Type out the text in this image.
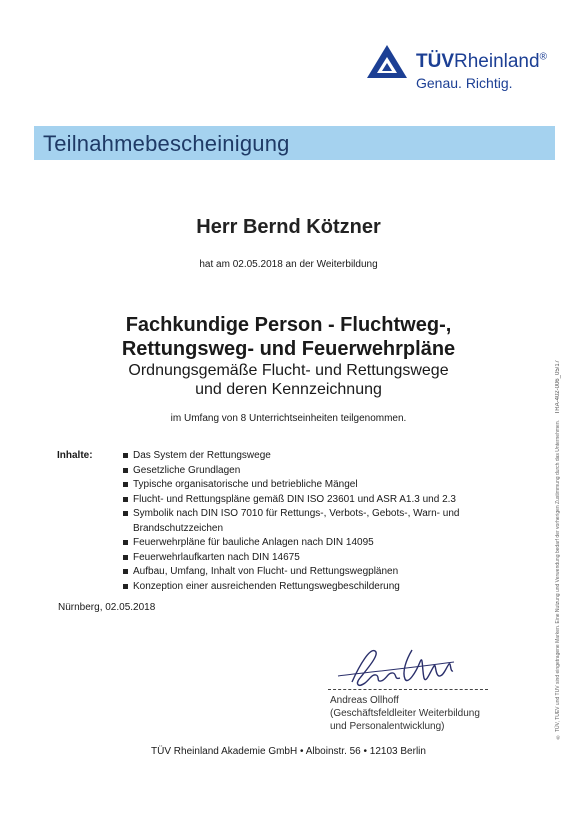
TÜVRheinland®
Genau. Richtig.
Teilnahmebescheinigung
Herr Bernd Kötzner
hat am 02.05.2018 an der Weiterbildung
Fachkundige Person - Fluchtweg-,
Rettungsweg- und Feuerwehrpläne
Ordnungsgemäße Flucht- und Rettungswege
und deren Kennzeichnung
im Umfang von 8 Unterrichtseinheiten teilgenommen.
Inhalte:	Das System der Rettungswege
Gesetzliche Grundlagen
Typische organisatorische und betriebliche Mängel
Flucht- und Rettungspläne gemäß DIN ISO 23601 und ASR A1.3 und 2.3
Symbolik nach DIN ISO 7010 für Rettungs-, Verbots-, Gebots-, Warn- und Brandschutzzeichen
Feuerwehrpläne für bauliche Anlagen nach DIN 14095
Feuerwehrlaufkarten nach DIN 14675
Aufbau, Umfang, Inhalt von Flucht- und Rettungswegplänen
Konzeption einer ausreichenden Rettungswegbeschilderung
Nürnberg, 02.05.2018
Andreas Ollhoff
(Geschäftsfeldleiter Weiterbildung
und Personalentwicklung)
TÜV Rheinland Akademie GmbH • Alboinstr. 56 • 12103 Berlin
TRA-402-006_05/17
® TÜV, TUEV und TUV sind eingetragene Marken. Eine Nutzung und Verwendung bedarf der vorherigen Zustimmung durch das Unternehmen.
